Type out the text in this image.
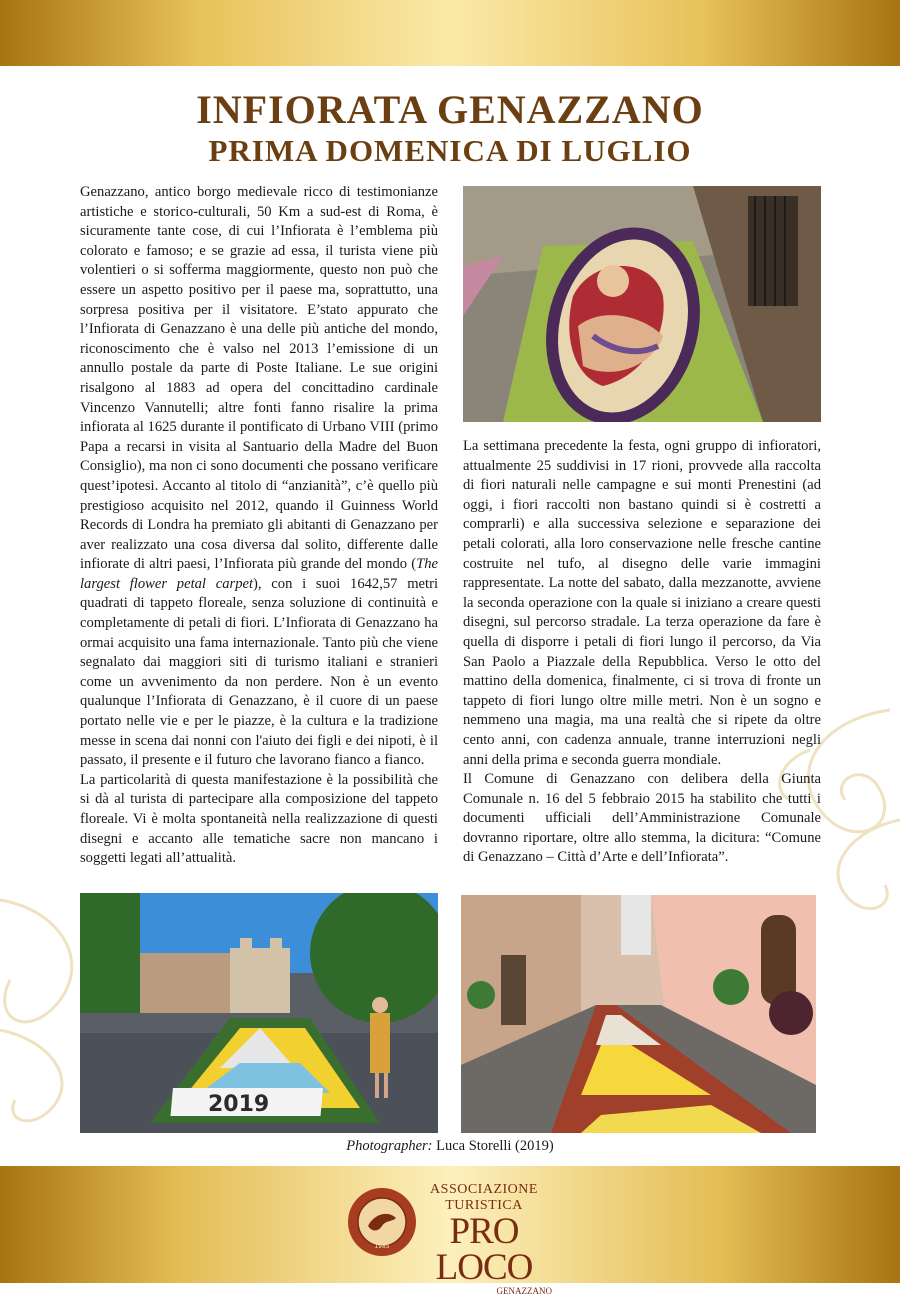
INFIORATA GENAZZANO
PRIMA DOMENICA DI LUGLIO

Genazzano, antico borgo medievale ricco di testimonianze artistiche e storico-culturali, 50 Km a sud-est di Roma, è sicuramente tante cose, di cui l’Infiorata è l’emblema più colorato e famoso; e se grazie ad essa, il turista viene più volentieri o si sofferma maggiormente, questo non può che essere un aspetto positivo per il paese ma, soprattutto, una sorpresa positiva per il visitatore. E’stato appurato che l’Infiorata di Genazzano è una delle più antiche del mondo, riconoscimento che è valso nel 2013 l’emissione di un annullo postale da parte di Poste Italiane. Le sue origini risalgono al 1883 ad opera del concittadino cardinale Vincenzo Vannutelli; altre fonti fanno risalire la prima infiorata al 1625 durante il pontificato di Urbano VIII (primo Papa a recarsi in visita al Santuario della Madre del Buon Consiglio), ma non ci sono documenti che possano verificare quest’ipotesi. Accanto al titolo di “anzianità”, c’è quello più prestigioso acquisito nel 2012, quando il Guinness World Records di Londra ha premiato gli abitanti di Genazzano per aver realizzato una cosa diversa dal solito, differente dalle infiorate di altri paesi, l’Infiorata più grande del mondo (The largest flower petal carpet), con i suoi 1642,57 metri quadrati di tappeto floreale, senza soluzione di continuità e completamente di petali di fiori. L’Infiorata di Genazzano ha ormai acquisito una fama internazionale. Tanto più che viene segnalato dai maggiori siti di turismo italiani e stranieri come un avvenimento da non perdere. Non è un evento qualunque l’Infiorata di Genazzano, è il cuore di un paese portato nelle vie e per le piazze, è la cultura e la tradizione messe in scena dai nonni con l'aiuto dei figli e dei nipoti, è il passato, il presente e il futuro che lavorano fianco a fianco.

La particolarità di questa manifestazione è la possibilità che si dà al turista di partecipare alla composizione del tappeto floreale. Vi è molta spontaneità nella realizzazione di questi disegni e accanto alle tematiche sacre non mancano i soggetti legati all’attualità.

La settimana precedente la festa, ogni gruppo di infioratori, attualmente 25 suddivisi in 17 rioni, provvede alla raccolta di fiori naturali nelle campagne e sui monti Prenestini (ad oggi, i fiori raccolti non bastano quindi si è costretti a comprarli) e alla successiva selezione e separazione dei petali colorati, alla loro conservazione nelle fresche cantine costruite nel tufo, al disegno delle varie immagini rappresentate. La notte del sabato, dalla mezzanotte, avviene la seconda operazione con la quale si iniziano a creare questi disegni, sul percorso stradale. La terza operazione da fare è quella di disporre i petali di fiori lungo il percorso, da Via San Paolo a Piazzale della Repubblica. Verso le otto del mattino della domenica, finalmente, ci si trova di fronte un tappeto di fiori lungo oltre mille metri. Non è un sogno e nemmeno una magia, ma una realtà che si ripete da oltre cento anni, con cadenza annuale, tranne interruzioni negli anni della prima e seconda guerra mondiale.

Il Comune di Genazzano con delibera della Giunta Comunale n. 16 del 5 febbraio 2015 ha stabilito che tutti i documenti ufficiali dell’Amministrazione Comunale dovranno riportare, oltre allo stemma, la dicitura: “Comune di Genazzano – Città d’Arte e dell’Infiorata”.

2019
Photographer: Luca Storelli (2019)
1985
ASSOCIAZIONE TURISTICA
PRO LOCO
GENAZZANO
